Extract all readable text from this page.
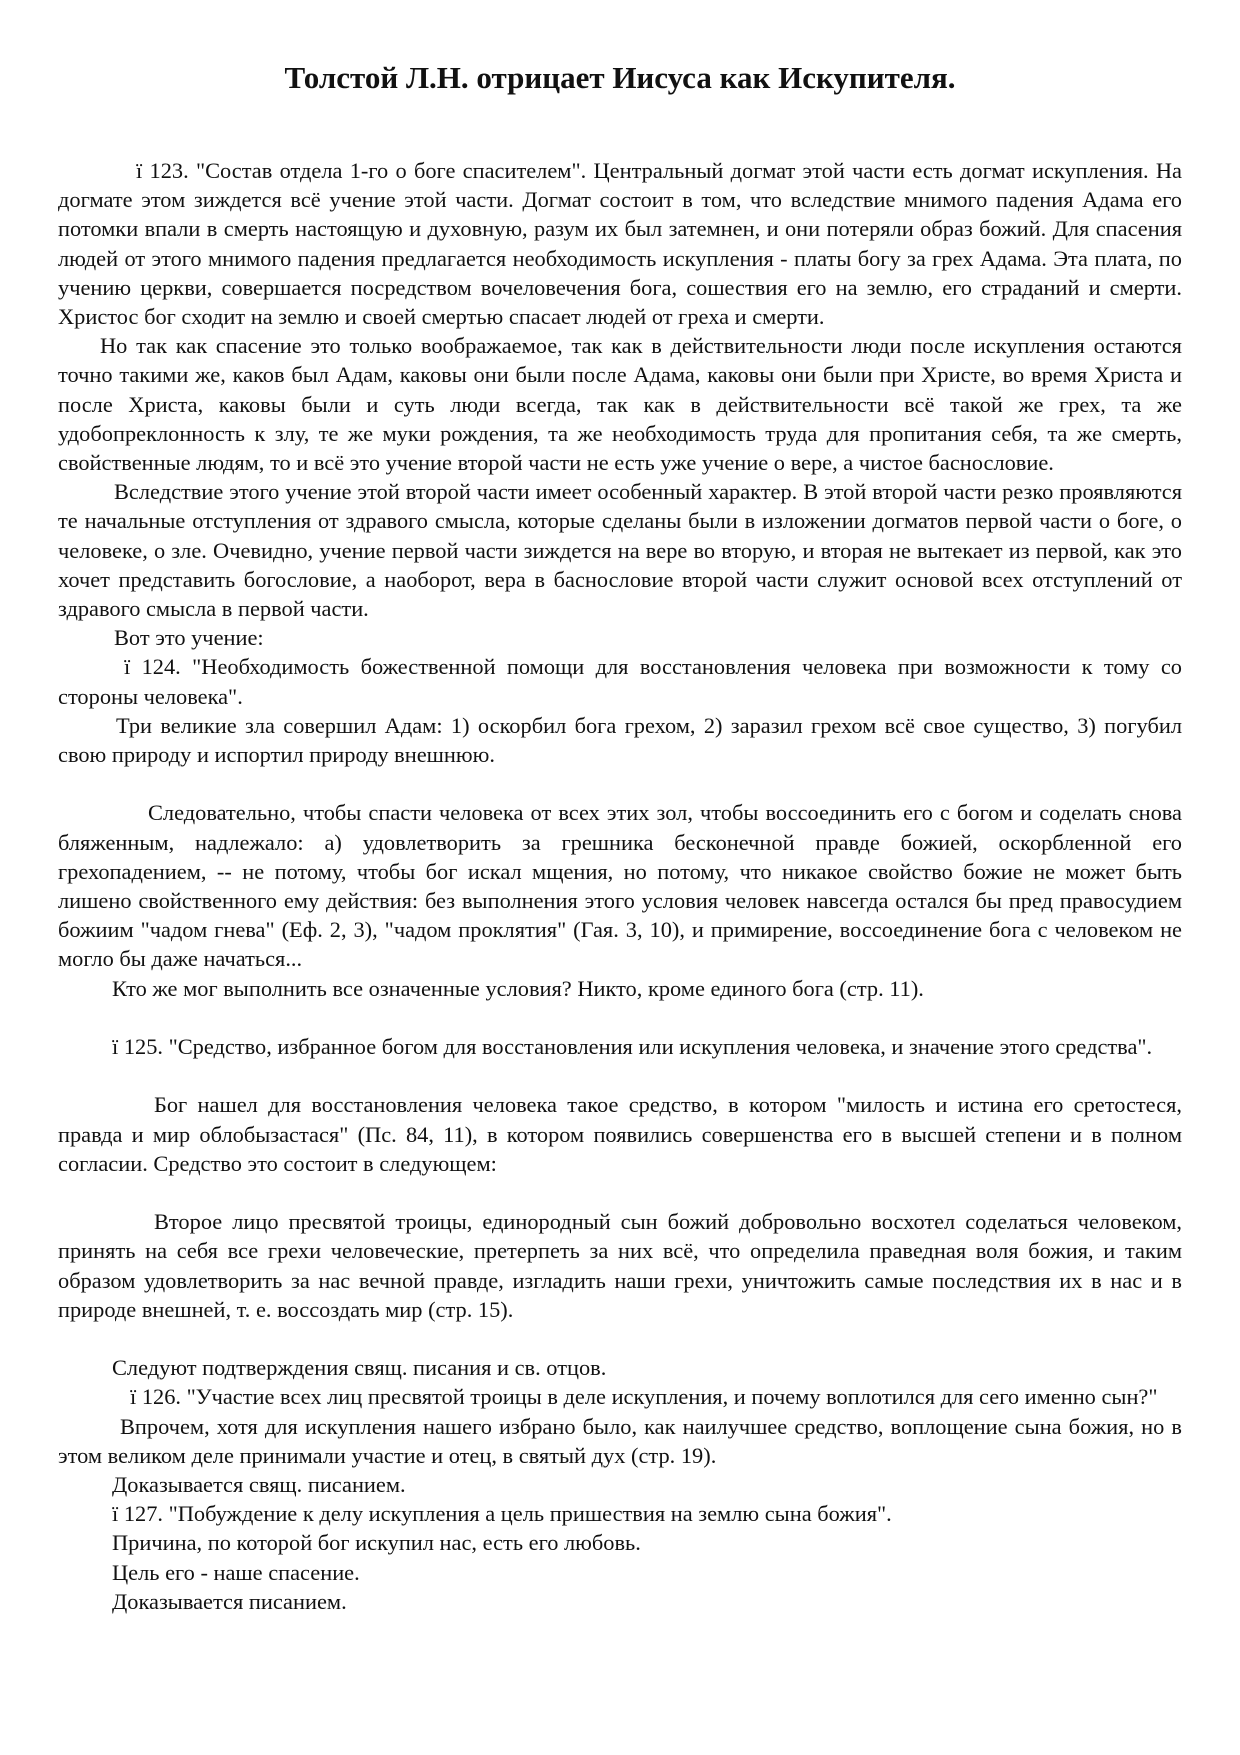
Толстой Л.Н. отрицает Иисуса как Искупителя.

ї 123. "Состав отдела 1-го о боге спасителем". Центральный догмат этой части есть догмат искупления. На догмате этом зиждется всё учение этой части. Догмат состоит в том, что вследствие мнимого падения Адама его потомки впали в смерть настоящую и духовную, разум их был затемнен, и они потеряли образ божий. Для спасения людей от этого мнимого падения предлагается необходимость искупления - платы богу за грех Адама. Эта плата, по учению церкви, совершается посредством вочеловечения бога, сошествия его на землю, его страданий и смерти. Христос бог сходит на землю и своей смертью спасает людей от греха и смерти.

Но так как спасение это только воображаемое, так как в действительности люди после искупления остаются точно такими же, каков был Адам, каковы они были после Адама, каковы они были при Христе, во время Христа и после Христа, каковы были и суть люди всегда, так как в действительности всё такой же грех, та же удобопреклонность к злу, те же муки рождения, та же необходимость труда для пропитания себя, та же смерть, свойственные людям, то и всё это учение второй части не есть уже учение о вере, а чистое баснословие.

Вследствие этого учение этой второй части имеет особенный характер. В этой второй части резко проявляются те начальные отступления от здравого смысла, которые сделаны были в изложении догматов первой части о боге, о человеке, о зле. Очевидно, учение первой части зиждется на вере во вторую, и вторая не вытекает из первой, как это хочет представить богословие, а наоборот, вера в баснословие второй части служит основой всех отступлений от здравого смысла в первой части.

Вот это учение:

ї 124. "Необходимость божественной помощи для восстановления человека при возможности к тому со стороны человека".

Три великие зла совершил Адам: 1) оскорбил бога грехом, 2) заразил грехом всё свое существо, 3) погубил свою природу и испортил природу внешнюю.

Следовательно, чтобы спасти человека от всех этих зол, чтобы воссоединить его с богом и соделать снова бляженным, надлежало: а) удовлетворить за грешника бесконечной правде божией, оскорбленной его грехопадением, -- не потому, чтобы бог искал мщения, но потому, что никакое свойство божие не может быть лишено свойственного ему действия: без выполнения этого условия человек навсегда остался бы пред правосудием божиим "чадом гнева" (Еф. 2, 3), "чадом проклятия" (Гая. 3, 10), и примирение, воссоединение бога с человеком не могло бы даже начаться...

Кто же мог выполнить все означенные условия? Никто, кроме единого бога (стр. 11).

ї 125. "Средство, избранное богом для восстановления или искупления человека, и значение этого средства".

Бог нашел для восстановления человека такое средство, в котором "милость и истина его сретостеся, правда и мир облобызастася" (Пс. 84, 11), в котором появились совершенства его в высшей степени и в полном согласии. Средство это состоит в следующем:

Второе лицо пресвятой троицы, единородный сын божий добровольно восхотел соделаться человеком, принять на себя все грехи человеческие, претерпеть за них всё, что определила праведная воля божия, и таким образом удовлетворить за нас вечной правде, изгладить наши грехи, уничтожить самые последствия их в нас и в природе внешней, т. е. воссоздать мир (стр. 15).

Следуют подтверждения свящ. писания и св. отцов.

ї 126. "Участие всех лиц пресвятой троицы в деле искупления, и почему воплотился для сего именно сын?"

Впрочем, хотя для искупления нашего избрано было, как наилучшее средство, воплощение сына божия, но в этом великом деле принимали участие и отец, в святый дух (стр. 19).

Доказывается свящ. писанием.

ї 127. "Побуждение к делу искупления а цель пришествия на землю сына божия".

Причина, по которой бог искупил нас, есть его любовь.

Цель его - наше спасение.

Доказывается писанием.
